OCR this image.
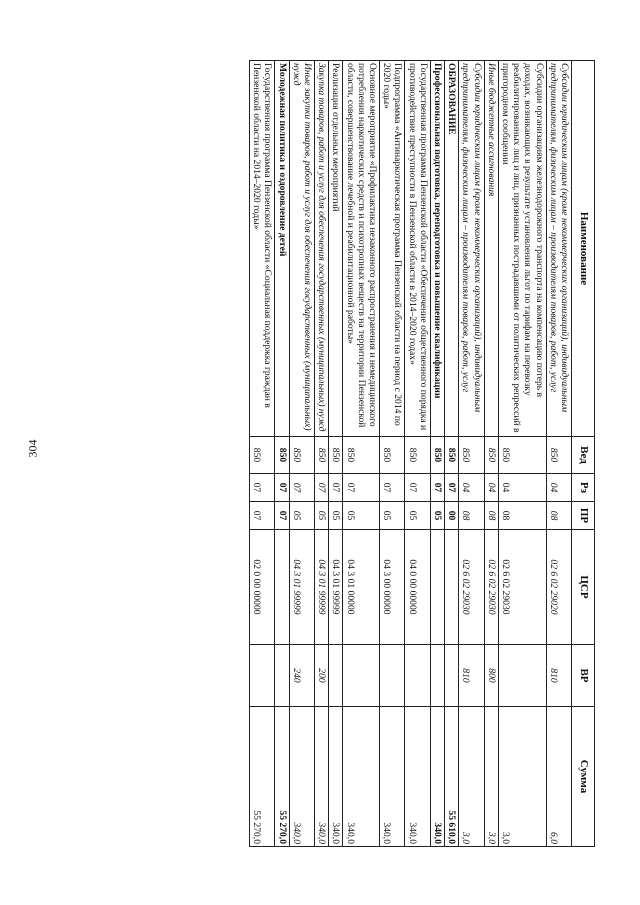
304
Наименование	Вед	Рз	ПР	ЦСР	ВР	Сумма
Субсидии юридическим лицам (кроме некоммерческих организаций), индивидуальным предпринимателям, физическим лицам – производителям товаров, работ, услуг	850	04	08	02 6 02 29020	810	6,0
Субсидии организациям железнодорожного транспорта на компенсацию потерь в доходах, возникающих в результате установления льгот по тарифам на перевозку реабилитированных лиц и лиц, признанных пострадавшими от политических репрессий в пригородном сообщении	850	04	08	02 6 02 29030		3,0
Иные бюджетные ассигнования	850	04	08	02 6 02 29030	800	3,0
Субсидии юридическим лицам (кроме некоммерческих организаций), индивидуальным предпринимателям, физическим лицам – производителям товаров, работ, услуг	850	04	08	02 6 02 29030	810	3,0
ОБРАЗОВАНИЕ	850	07	00			55 610,0
Профессиональная подготовка, переподготовка и повышение квалификации	850	07	05			340,0
Государственная программа Пензенской области «Обеспечение общественного порядка и противодействие преступности в Пензенской области в 2014–2020 годах»	850	07	05	04 0 00 00000		340,0
Подпрограмма «Антинаркотическая программа Пензенской области на период с 2014 по 2020 годы»	850	07	05	04 3 00 00000		340,0
Основное мероприятие «Профилактика незаконного распространения и немедицинского потребления наркотических средств и психотропных веществ на территории Пензенской области, совершенствование лечебной и реабилитационной работы»	850	07	05	04 3 01 00000		340,0
Реализация отдельных мероприятий	850	07	05	04 3 01 99999		340,0
Закупка товаров, работ и услуг для обеспечения государственных (муниципальных) нужд	850	07	05	04 3 01 99999	200	340,0
Иные закупки товаров, работ и услуг для обеспечения государственных (муниципальных) нужд	850	07	05	04 3 01 99999	240	340,0
Молодежная политика и оздоровление детей	850	07	07			55 270,0
Государственная программа Пензенской области «Социальная поддержка граждан в Пензенской области на 2014–2020 годы»	850	07	07	02 0 00 00000		55 270,0
